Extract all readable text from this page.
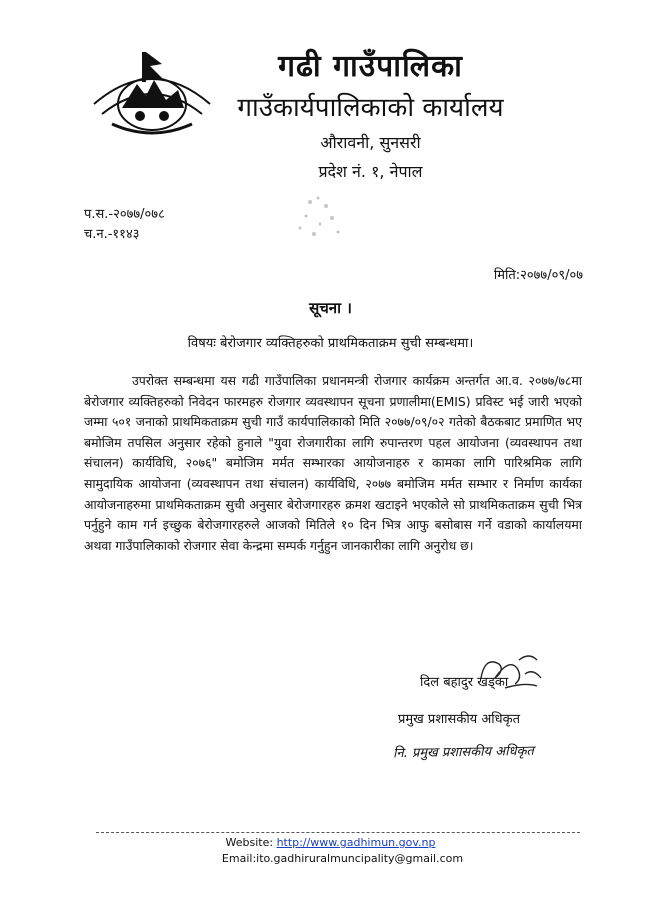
गढी गाउँपालिका
गाउँकार्यपालिकाको कार्यालय
औरावनी, सुनसरी
प्रदेश नं. १, नेपाल
प.स.-२०७७/०७८
च.न.-११४३
मिति:२०७७/०९/०७
सूचना ।
विषयः बेरोजगार व्यक्तिहरुको प्राथमिकताक्रम सुची सम्बन्धमा।
उपरोक्त सम्बन्धमा यस गढी गाउँपालिका प्रधानमन्त्री रोजगार कार्यक्रम अन्तर्गत आ.व. २०७७/७८मा बेरोजगार व्यक्तिहरुको निवेदन फारमहरु रोजगार व्यवस्थापन सूचना प्रणालीमा(EMIS) प्रविस्ट भई जारी भएको जम्मा ५०१ जनाको प्राथमिकताक्रम सुची गाउँ कार्यपालिकाको मिति २०७७/०९/०२ गतेको बैठकबाट प्रमाणित भए बमोजिम तपसिल अनुसार रहेको हुनाले "युवा रोजगारीका लागि रुपान्तरण पहल आयोजना (व्यवस्थापन तथा संचालन) कार्यविधि, २०७६" बमोजिम मर्मत सम्भारका आयोजनाहरु र कामका लागि पारिश्रमिक लागि सामुदायिक आयोजना (व्यवस्थापन तथा संचालन) कार्यविधि, २०७७ बमोजिम मर्मत सम्भार र निर्माण कार्यका आयोजनाहरुमा प्राथमिकताक्रम सुची अनुसार बेरोजगारहरु क्रमश खटाइने भएकोले सो प्राथमिकताक्रम सुची भित्र पर्नुहुने काम गर्न इच्छुक बेरोजगारहरुले आजको मितिले १० दिन भित्र आफु बसोबास गर्ने वडाको कार्यालयमा अथवा गाउँपालिकाको रोजगार सेवा केन्द्रमा सम्पर्क गर्नुहुन जानकारीका लागि अनुरोध छ।
दिल बहादुर खड्का
प्रमुख प्रशासकीय अधिकृत
नि. प्रमुख प्रशासकीय अधिकृत
Website: http://www.gadhimun.gov.np
Email:ito.gadhiruralmuncipality@gmail.com
